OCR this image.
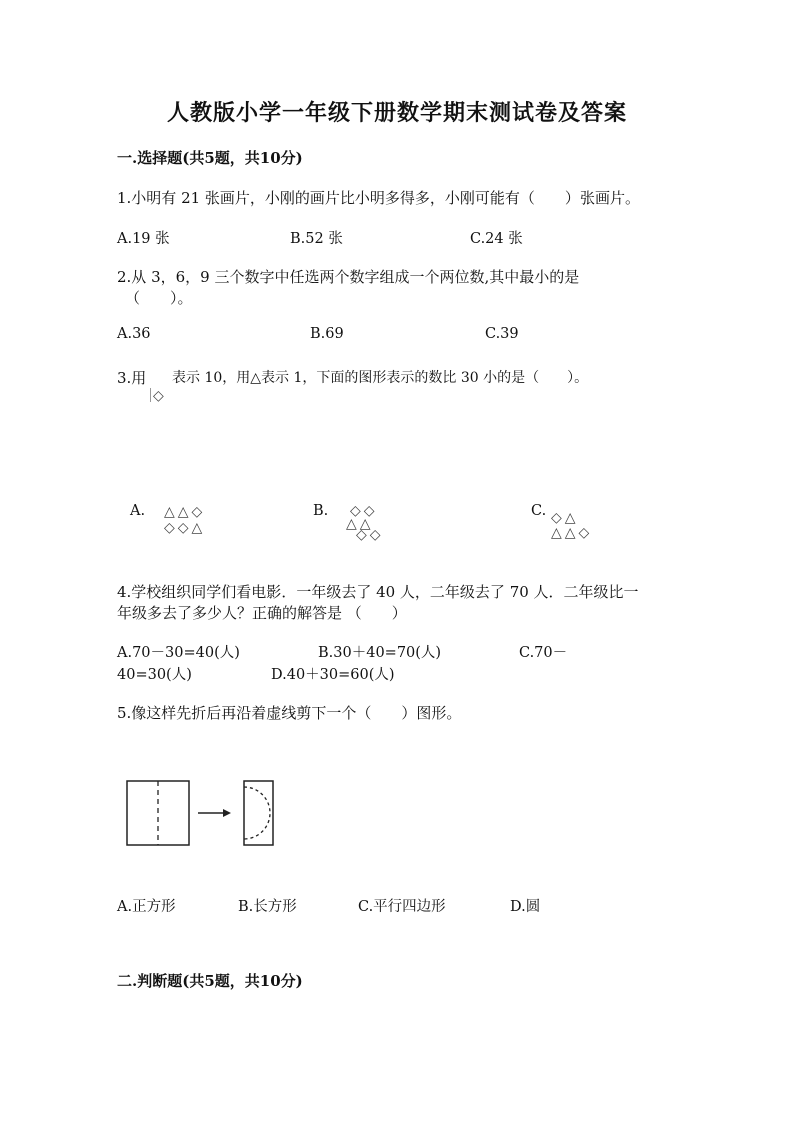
人教版小学一年级下册数学期末测试卷及答案
一.选择题(共5题，共10分)
1.小明有 21 张画片，小刚的画片比小明多得多，小刚可能有（　　）张画片。
A.19 张	B.52 张	C.24 张
2.从 3，6，9 三个数字中任选两个数字组成一个两位数,其中最小的是
（　　）。
A.36	B.69	C.39
3.用 表示 10，用△表示 1，下面的图形表示的数比 30 小的是（　　）。
◇
A. △△◇
◇◇△
B. ◇◇
△△
◇◇
C. ◇△
△△◇
4.学校组织同学们看电影．一年级去了 40 人，二年级去了 70 人．二年级比一
年级多去了多少人？正确的解答是 （　　）
A.70－30=40(人)	B.30＋40=70(人)	C.70－
40=30(人)	D.40＋30=60(人)
5.像这样先折后再沿着虚线剪下一个（　　）图形。
A.正方形	B.长方形	C.平行四边形	D.圆
二.判断题(共5题，共10分)
